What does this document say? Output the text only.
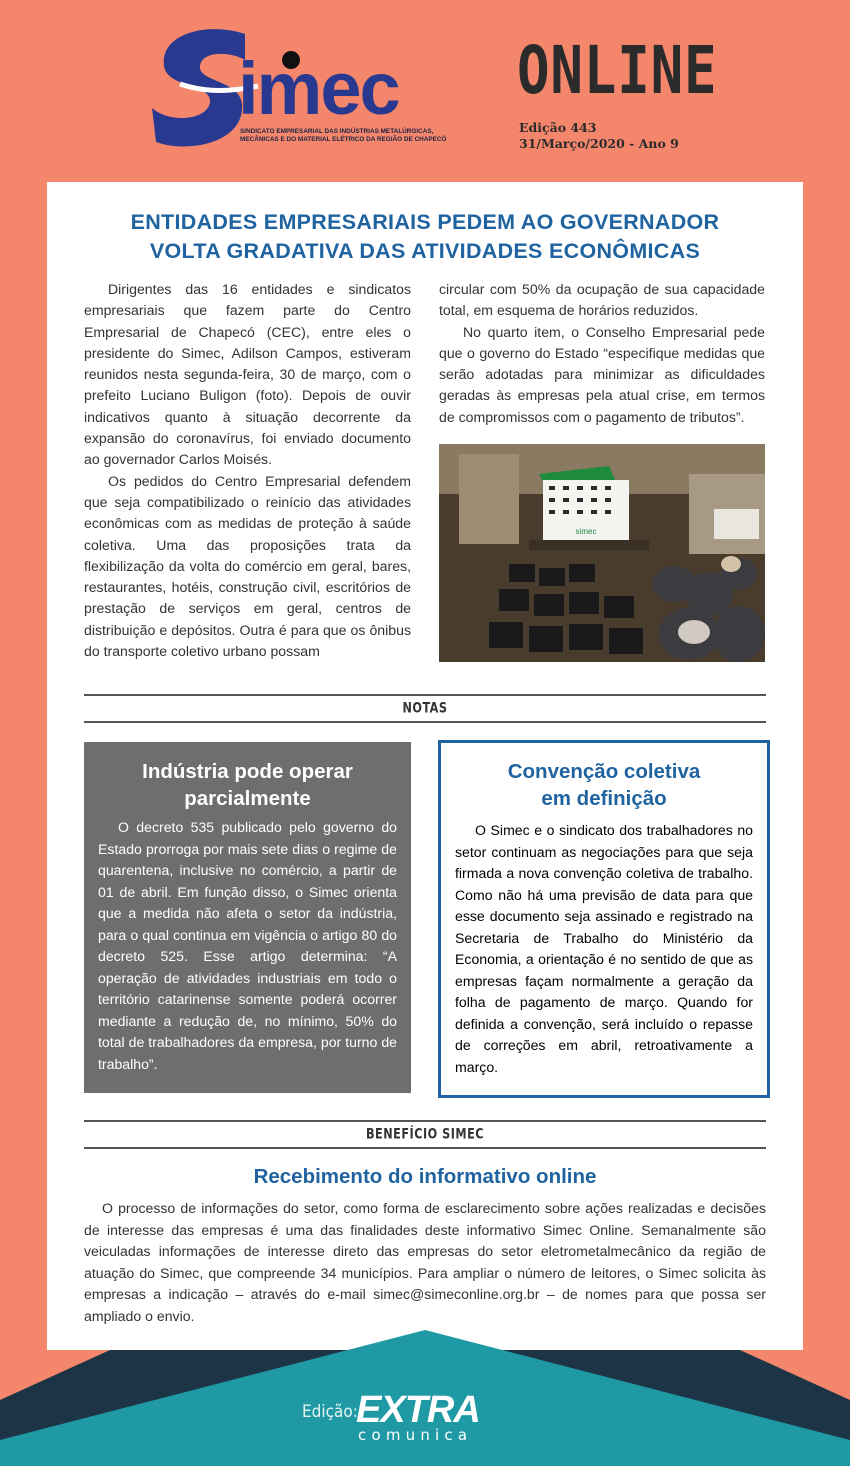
imec
SINDICATO EMPRESARIAL DAS INDÚSTRIAS METALÚRGICAS, MECÂNICAS E DO MATERIAL ELÉTRICO DA REGIÃO DE CHAPECÓ
ONLINE
Edição 443
31/Março/2020 - Ano 9
ENTIDADES EMPRESARIAIS PEDEM AO GOVERNADOR
VOLTA GRADATIVA DAS ATIVIDADES ECONÔMICAS

Dirigentes das 16 entidades e sindicatos empresariais que fazem parte do Centro Empresarial de Chapecó (CEC), entre eles o presidente do Simec, Adilson Campos, estiveram reunidos nesta segunda-feira, 30 de março, com o prefeito Luciano Buligon (foto). Depois de ouvir indicativos quanto à situação decorrente da expansão do coronavírus, foi enviado documento ao governador Carlos Moisés.

Os pedidos do Centro Empresarial defendem que seja compatibilizado o reinício das atividades econômicas com as medidas de proteção à saúde coletiva. Uma das proposições trata da flexibilização da volta do comércio em geral, bares, restaurantes, hotéis, construção civil, escritórios de prestação de serviços em geral, centros de distribuição e depósitos. Outra é para que os ônibus do transporte coletivo urbano possam

circular com 50% da ocupação de sua capacidade total, em esquema de horários reduzidos.

No quarto item, o Conselho Empresarial pede que o governo do Estado “especifique medidas que serão adotadas para minimizar as dificuldades geradas às empresas pela atual crise, em termos de compromissos com o pagamento de tributos”.

simec
NOTAS
Indústria pode operar
parcialmente

O decreto 535 publicado pelo governo do Estado prorroga por mais sete dias o regime de quarentena, inclusive no comércio, a partir de 01 de abril. Em função disso, o Simec orienta que a medida não afeta o setor da indústria, para o qual continua em vigência o artigo 80 do decreto 525. Esse artigo determina: “A operação de atividades industriais em todo o território catarinense somente poderá ocorrer mediante a redução de, no mínimo, 50% do total de trabalhadores da empresa, por turno de trabalho”.

Convenção coletiva
em definição

O Simec e o sindicato dos trabalhadores no setor continuam as negociações para que seja firmada a nova convenção coletiva de trabalho. Como não há uma previsão de data para que esse documento seja assinado e registrado na Secretaria de Trabalho do Ministério da Economia, a orientação é no sentido de que as empresas façam normalmente a geração da folha de pagamento de março. Quando for definida a convenção, será incluído o repasse de correções em abril, retroativamente a março.

BENEFÍCIO SIMEC
Recebimento do informativo online

O processo de informações do setor, como forma de esclarecimento sobre ações realizadas e decisões de interesse das empresas é uma das finalidades deste informativo Simec Online. Semanalmente são veiculadas informações de interesse direto das empresas do setor eletrometalmecânico da região de atuação do Simec, que compreende 34 municípios. Para ampliar o número de leitores, o Simec solicita às empresas a indicação – através do e-mail simec@simeconline.org.br – de nomes para que possa ser ampliado o envio.

Edição:
EXTRA
comunica
